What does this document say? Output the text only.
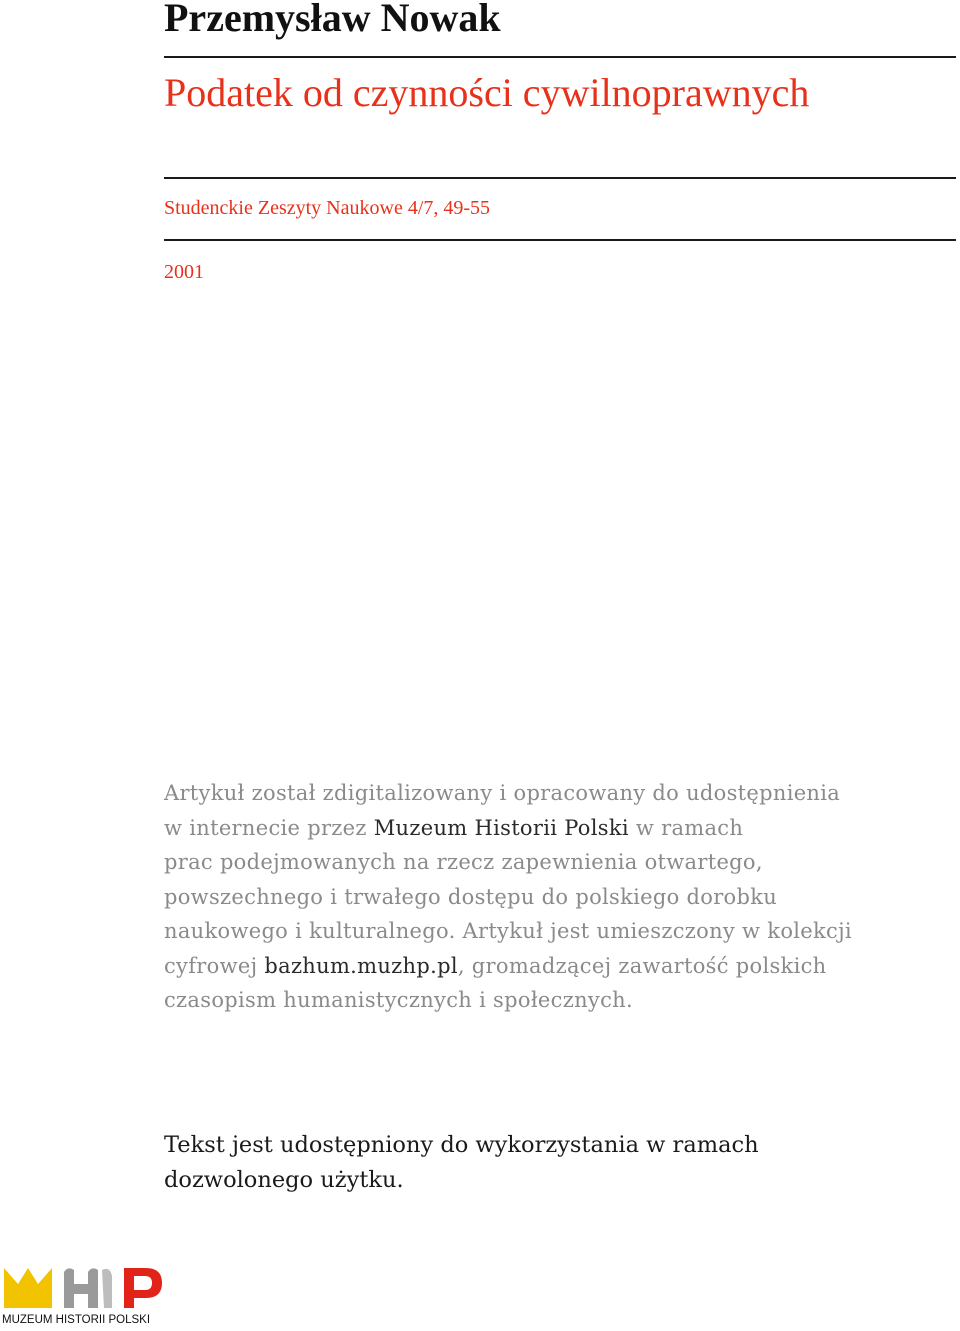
Przemysław Nowak
Podatek od czynności cywilnoprawnych

Studenckie Zeszyty Naukowe 4/7, 49-55

2001

Artykuł został zdigitalizowany i opracowany do udostępnienia
w internecie przez Muzeum Historii Polski w ramach
prac podejmowanych na rzecz zapewnienia otwartego,
powszechnego i trwałego dostępu do polskiego dorobku
naukowego i kulturalnego. Artykuł jest umieszczony w kolekcji
cyfrowej bazhum.muzhp.pl, gromadzącej zawartość polskich
czasopism humanistycznych i społecznych.

Tekst jest udostępniony do wykorzystania w ramach
dozwolonego użytku.

MUZEUM HISTORII POLSKI
